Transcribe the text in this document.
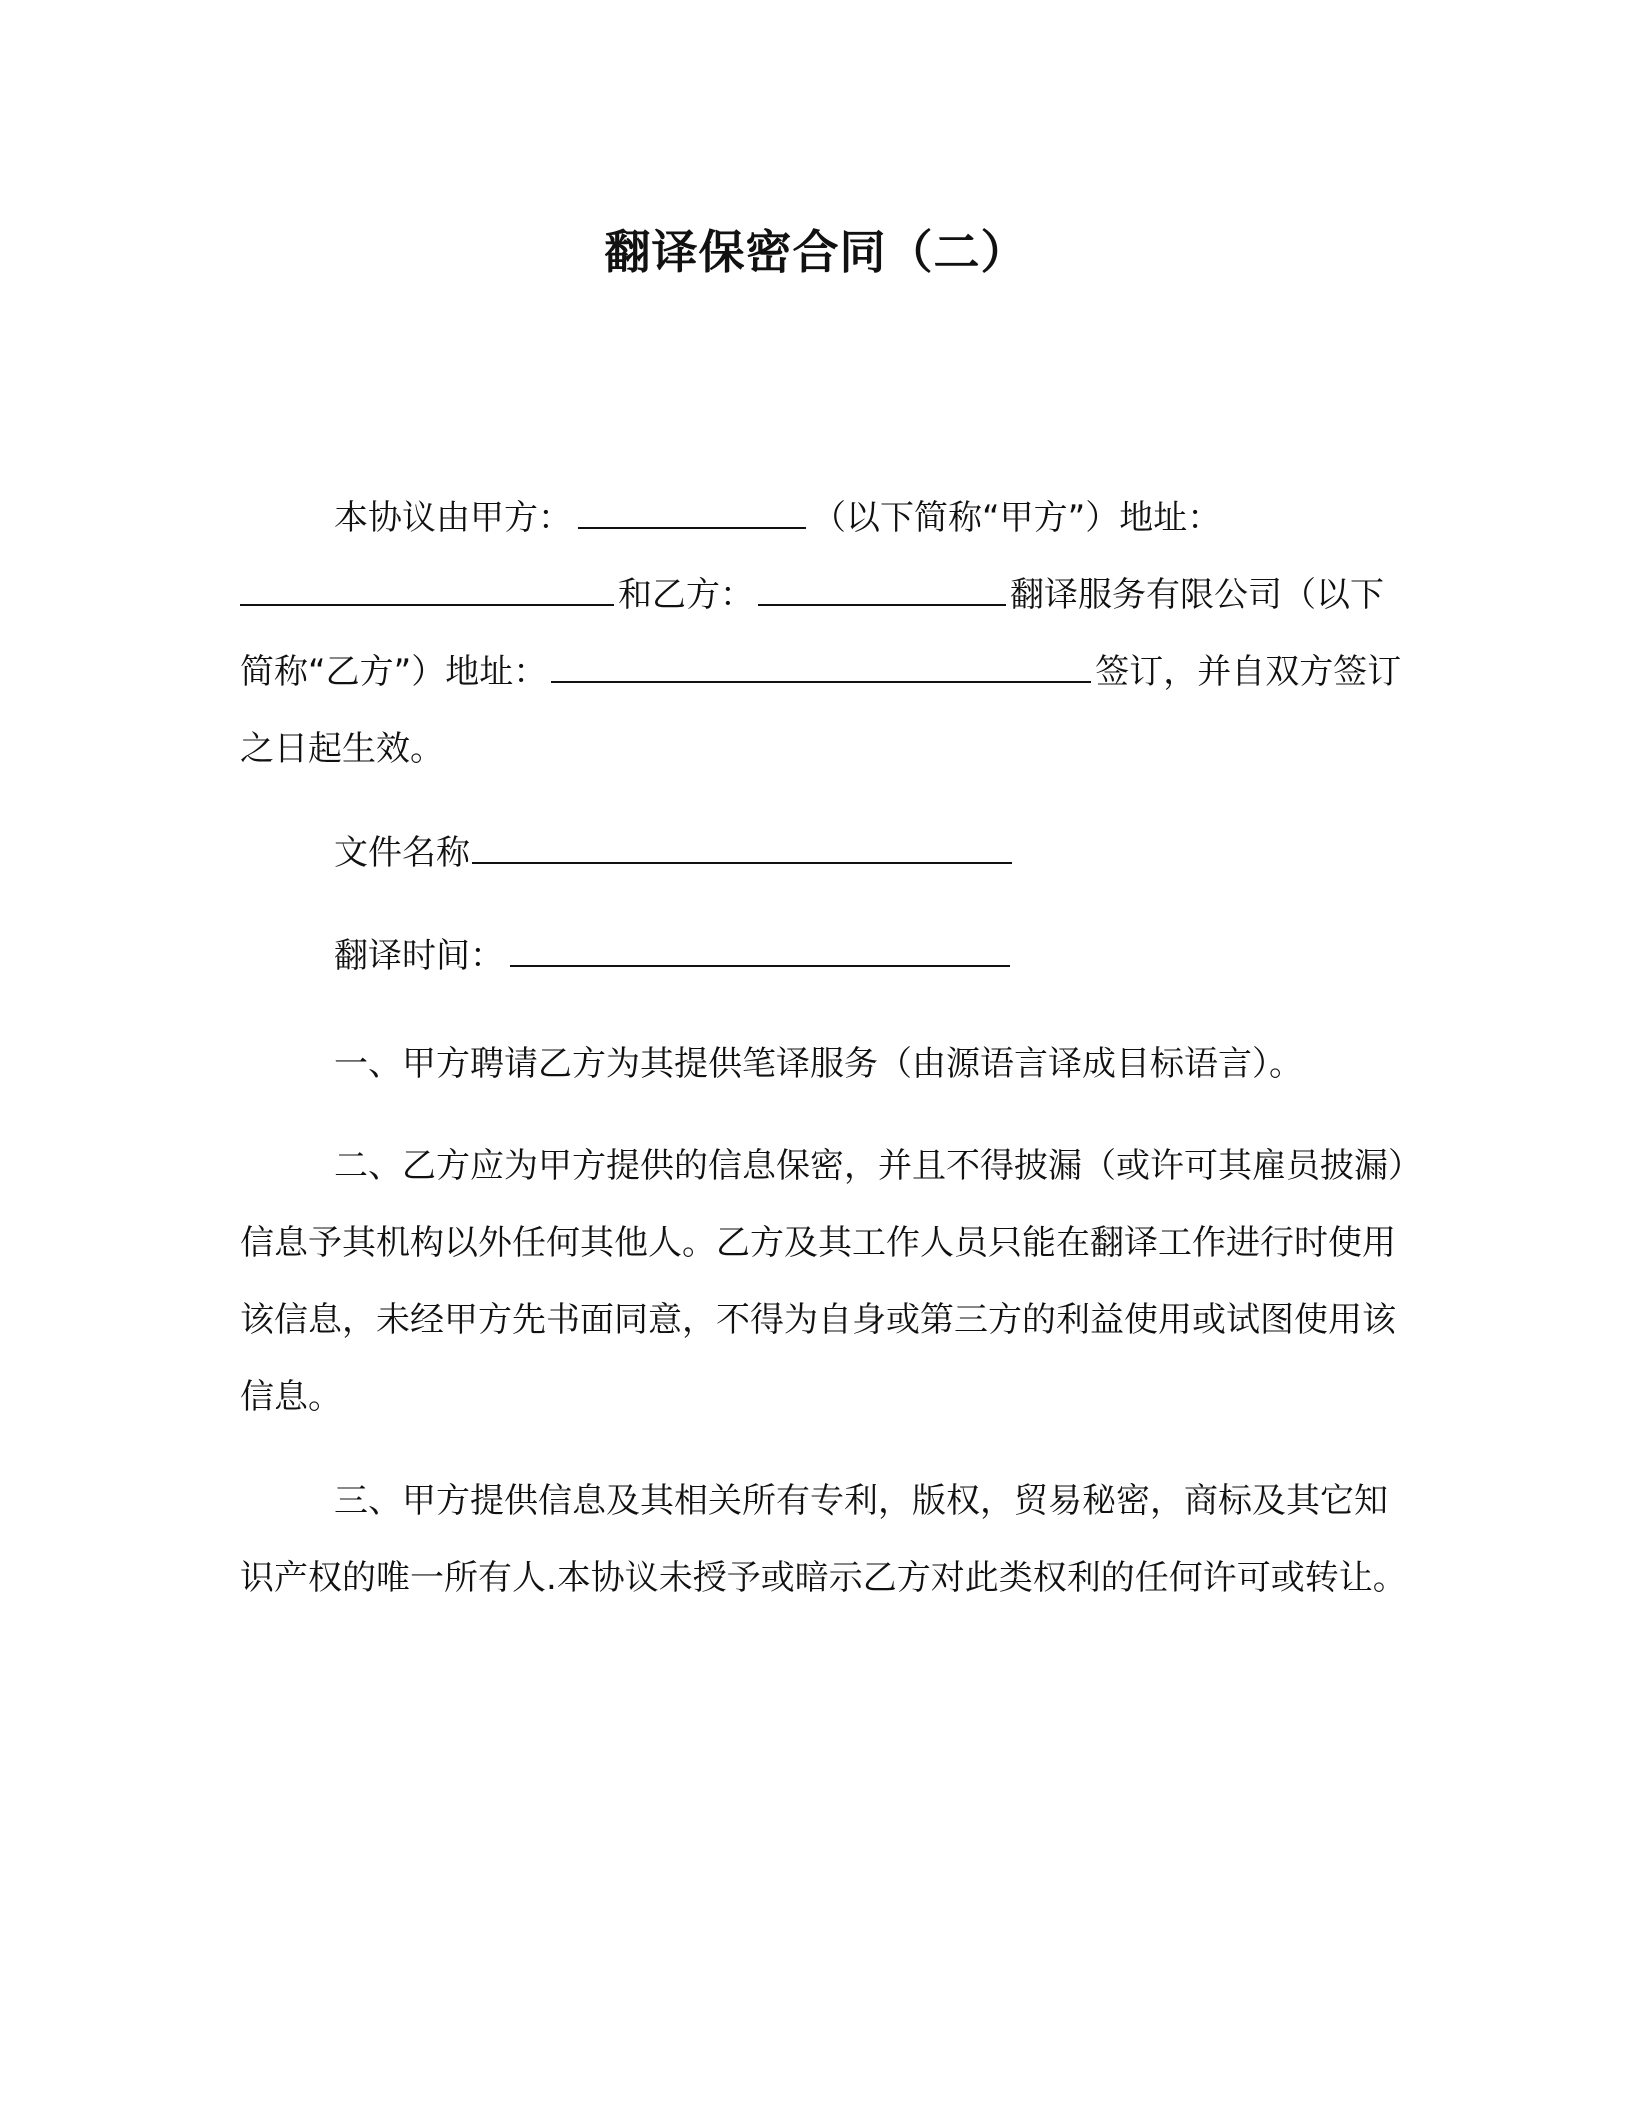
翻译保密合同（二）

本协议由甲方：	（以下简称“甲方”）地址：和乙方：	翻译服务有限公司（以下简称“乙方”）地址：	签订，并自双方签订之日起生效。

文件名称
翻译时间：

一、甲方聘请乙方为其提供笔译服务（由源语言译成目标语言）。

二、乙方应为甲方提供的信息保密，并且不得披漏（或许可其雇员披漏）信息予其机构以外任何其他人。乙方及其工作人员只能在翻译工作进行时使用该信息，未经甲方先书面同意，不得为自身或第三方的利益使用或试图使用该信息。

三、甲方提供信息及其相关所有专利，版权，贸易秘密，商标及其它知识产权的唯一所有人.本协议未授予或暗示乙方对此类权利的任何许可或转让。
